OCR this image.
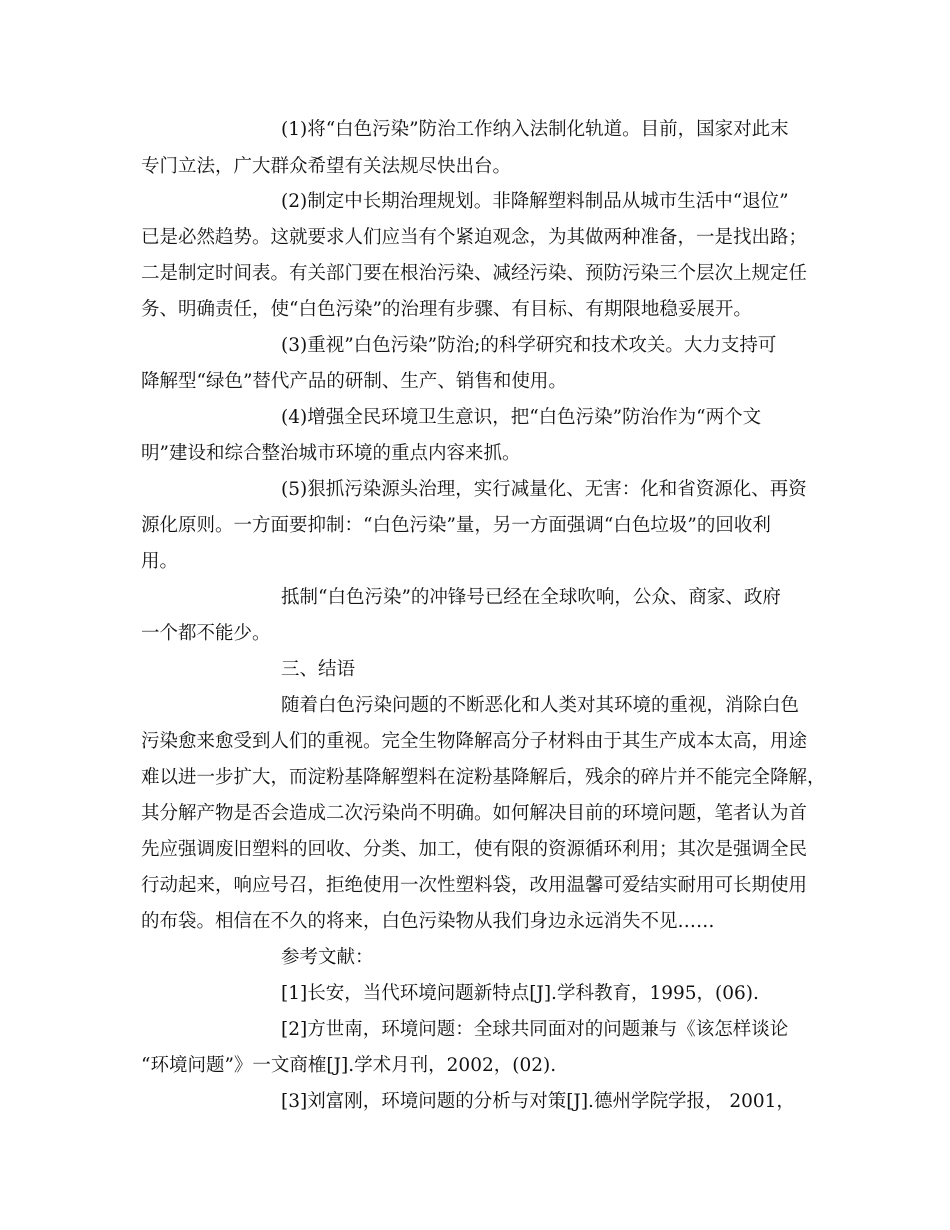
(1)将“白色污染”防治工作纳入法制化轨道。目前，国家对此末
专门立法，广大群众希望有关法规尽快出台。
(2)制定中长期治理规划。非降解塑料制品从城市生活中“退位”
已是必然趋势。这就要求人们应当有个紧迫观念，为其做两种准备，一是找出路；
二是制定时间表。有关部门要在根治污染、减经污染、预防污染三个层次上规定任
务、明确责任，使“白色污染”的治理有步骤、有目标、有期限地稳妥展开。
(3)重视”白色污染”防治;的科学研究和技术攻关。大力支持可
降解型“绿色”替代产品的研制、生产、销售和使用。
(4)增强全民环境卫生意识，把“白色污染”防治作为“两个文
明”建设和综合整治城市环境的重点内容来抓。
(5)狠抓污染源头治理，实行减量化、无害：化和省资源化、再资
源化原则。一方面要抑制：“白色污染”量，另一方面强调“白色垃圾”的回收利
用。
抵制“白色污染”的冲锋号已经在全球吹响，公众、商家、政府
一个都不能少。
三、结语
随着白色污染问题的不断恶化和人类对其环境的重视，消除白色
污染愈来愈受到人们的重视。完全生物降解高分子材料由于其生产成本太高，用途
难以进一步扩大，而淀粉基降解塑料在淀粉基降解后，残余的碎片并不能完全降解，
其分解产物是否会造成二次污染尚不明确。如何解决目前的环境问题，笔者认为首
先应强调废旧塑料的回收、分类、加工，使有限的资源循环利用；其次是强调全民
行动起来，响应号召，拒绝使用一次性塑料袋，改用温馨可爱结实耐用可长期使用
的布袋。相信在不久的将来，白色污染物从我们身边永远消失不见……
参考文献：
[1]长安，当代环境问题新特点[J].学科教育，1995，(06).
[2]方世南，环境问题：全球共同面对的问题兼与《该怎样谈论
“环境问题”》一文商榷[J].学术月刊，2002，(02).
[3]刘富刚，环境问题的分析与对策[J].德州学院学报， 2001，
